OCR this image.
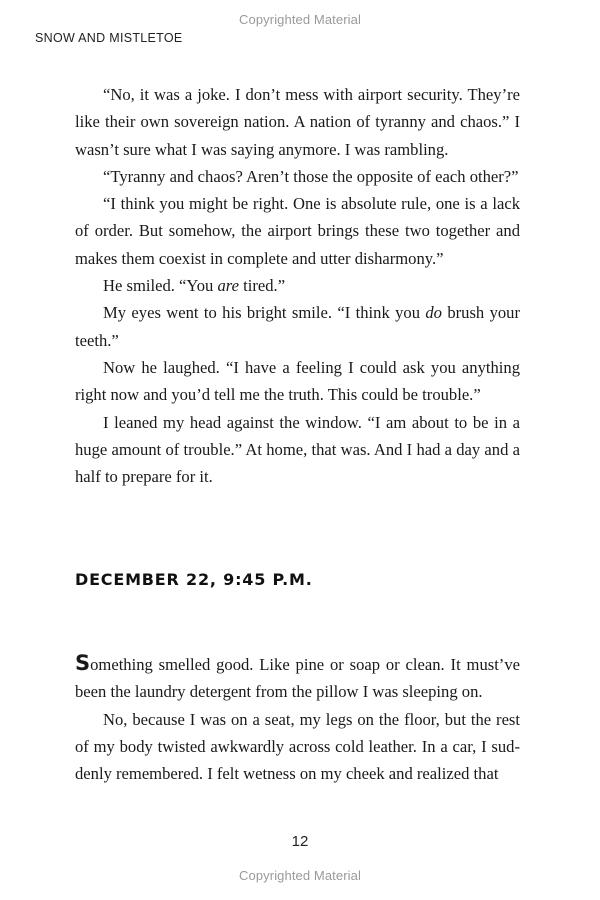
Copyrighted Material
SNOW AND MISTLETOE

“No, it was a joke. I don’t mess with airport security. They’re like their own sovereign nation. A nation of tyranny and chaos.” I wasn’t sure what I was saying anymore. I was rambling.

“Tyranny and chaos? Aren’t those the opposite of each other?”

“I think you might be right. One is absolute rule, one is a lack of order. But somehow, the airport brings these two together and makes them coexist in complete and utter disharmony.”

He smiled. “You are tired.”

My eyes went to his bright smile. “I think you do brush your teeth.”

Now he laughed. “I have a feeling I could ask you anything right now and you’d tell me the truth. This could be trouble.”

I leaned my head against the window. “I am about to be in a huge amount of trouble.” At home, that was. And I had a day and a half to prepare for it.

DECEMBER 22, 9:45 P.M.

Something smelled good. Like pine or soap or clean. It must’ve been the laundry detergent from the pillow I was sleeping on.

No, because I was on a seat, my legs on the floor, but the rest of my body twisted awkwardly across cold leather. In a car, I suddenly remembered. I felt wetness on my cheek and realized that

12
Copyrighted Material
